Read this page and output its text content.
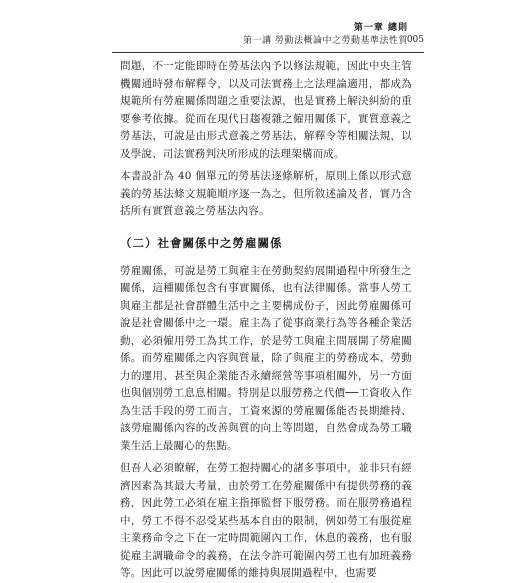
第一章 總則
第一講 勞動法概論中之勞動基準法性質
005

問題，不一定能即時在勞基法內予以修法規範，因此中央主管機關通時發布解釋令，以及司法實務上之法理論適用，都成為規範所有勞雇關係問題之重要法源，也是實務上解決糾紛的重要參考依據。從而在現代日趨複雜之僱用關係下，實質意義之勞基法，可說是由形式意義之勞基法，解釋令等相關法規，以及學說、司法實務判決所形成的法理架構而成。

本書設計為 40 個單元的勞基法逐條解析，原則上係以形式意義的勞基法條文規範順序逐一為之，但所敘述論及者，實乃含括所有實質意義之勞基法內容。

（二）社會關係中之勞雇關係

勞雇關係，可說是勞工與雇主在勞動契約展開過程中所發生之關係，這種關係包含有事實關係，也有法律關係。當事人勞工與雇主都是社會群體生活中之主要構成份子，因此勞雇關係可說是社會關係中之一環。雇主為了從事商業行為等各種企業活動，必須僱用勞工為其工作，於是勞工與雇主間展開了勞雇關係。而勞雇關係之內容與質量，除了與雇主的勞務成本、勞動力的運用、甚至與企業能否永續經營等事項相關外，另一方面也與個別勞工息息相關。特別是以服勞務之代價──工資收入作為生活手段的勞工而言，工資來源的勞雇關係能否長期維持、該勞雇關係內容的改善與質的向上等問題，自然會成為勞工職業生活上最關心的焦點。

但吾人必須瞭解，在勞工抱持關心的諸多事項中，並非只有經濟因素為其最大考量，由於勞工在勞雇關係中有提供勞務的義務，因此勞工必須在雇主指揮監督下服勞務。而在服勞務過程中，勞工不得不忍受某些基本自由的限制，例如勞工有服從雇主業務命令之下在一定時間範圍內工作，休息的義務，也有服從雇主調職命令的義務，在法令許可範圍內勞工也有加班義務等。因此可以說勞雇關係的維持與展開過程中，也需要
